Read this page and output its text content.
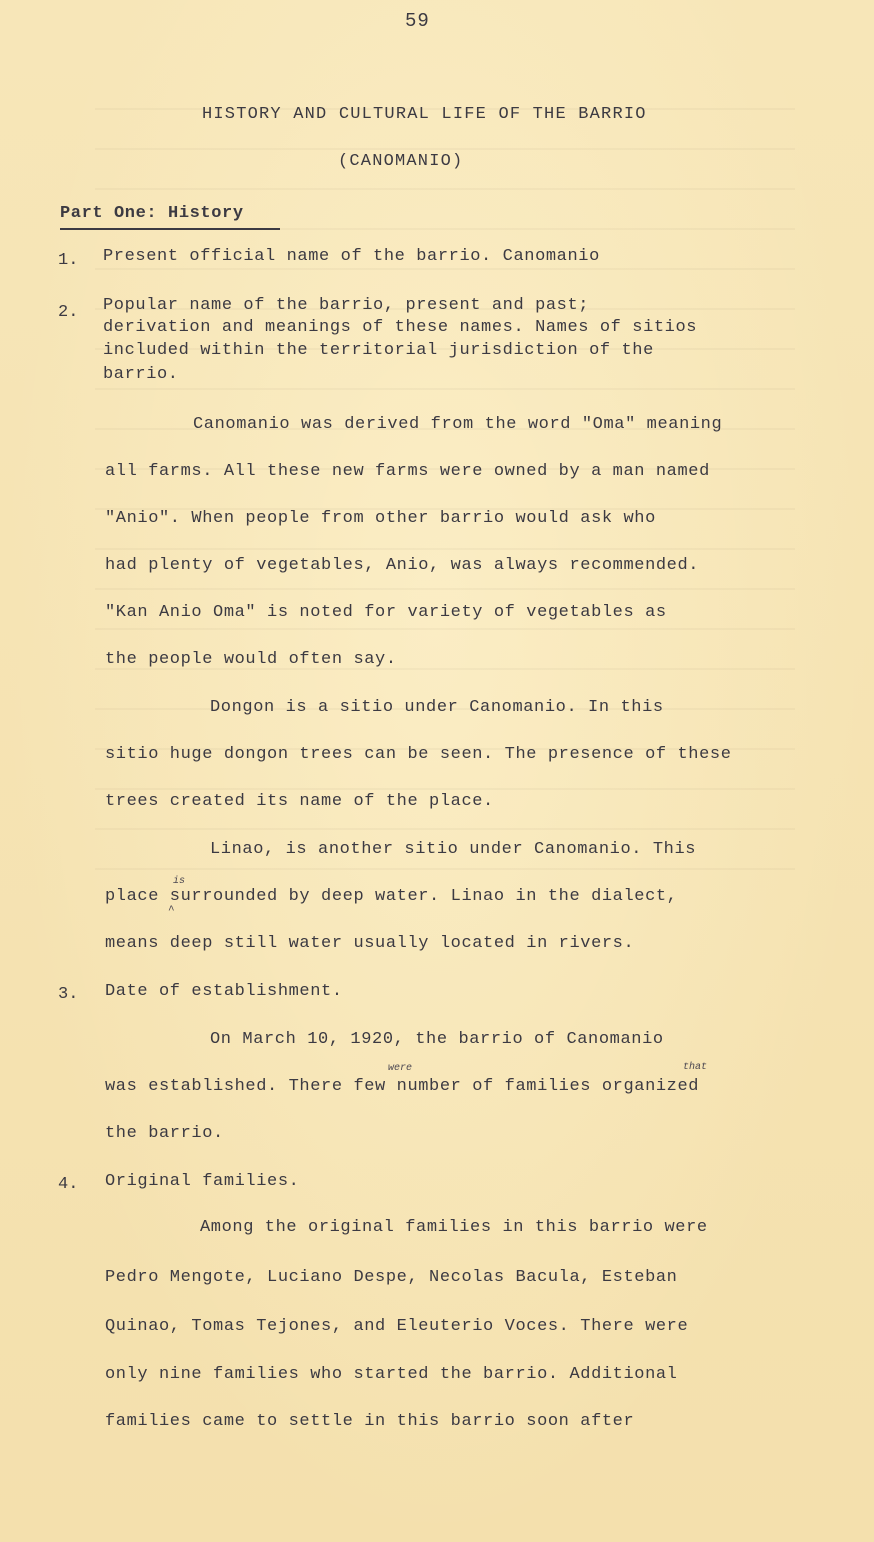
59
HISTORY AND CULTURAL LIFE OF THE BARRIO
(CANOMANIO)
Part One: History
1. Present official name of the barrio. Canomanio
2. Popular name of the barrio, present and past;
derivation and meanings of these names. Names of sitios
included within the territorial jurisdiction of the
barrio.
Canomanio was derived from the word "Oma" meaning
all farms. All these new farms were owned by a man named
"Anio". When people from other barrio would ask who
had plenty of vegetables, Anio, was always recommended.
"Kan Anio Oma" is noted for variety of vegetables as
the people would often say.
Dongon is a sitio under Canomanio. In this
sitio huge dongon trees can be seen. The presence of these
trees created its name of the place.
Linao, is another sitio under Canomanio. This
is
^
place surrounded by deep water. Linao in the dialect,
means deep still water usually located in rivers.
3. Date of establishment.
On March 10, 1920, the barrio of Canomanio
were	that
was established. There few number of families organized
the barrio.
4. Original families.
Among the original families in this barrio were
Pedro Mengote, Luciano Despe, Necolas Bacula, Esteban
Quinao, Tomas Tejones, and Eleuterio Voces. There were
only nine families who started the barrio. Additional
families came to settle in this barrio soon after
